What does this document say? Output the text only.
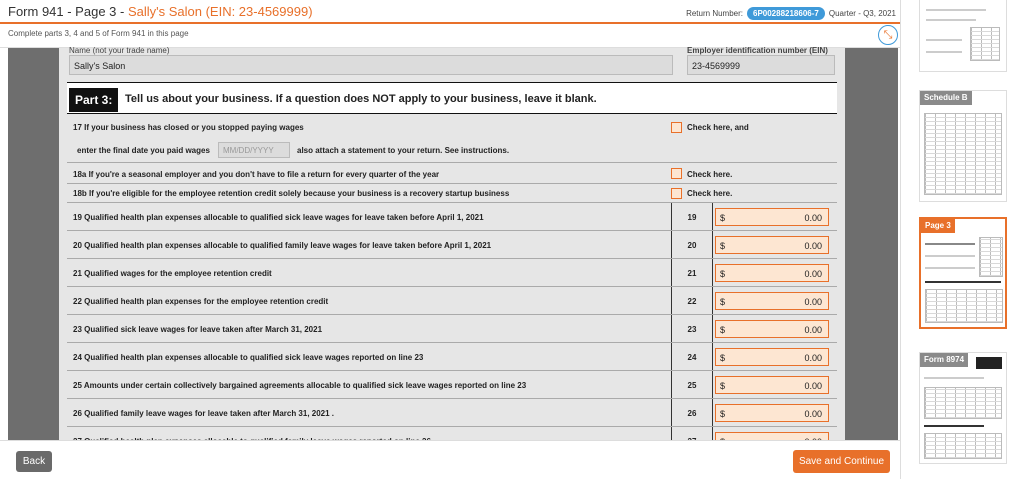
Form 941 - Page 3 - Sally's Salon (EIN: 23-4569999)	Return Number:	6P00288218606-7	Quarter - Q3, 2021
Complete parts 3, 4 and 5 of Form 941 in this page	⤡
Name (not your trade name)
Sally's Salon
Employer identification number (EIN)
23-4569999
Part 3:	Tell us about your business. If a question does NOT apply to your business, leave it blank.
17 If your business has closed or you stopped paying wages	Check here, and
enter the final date you paid wages	MM/DD/YYYY	also attach a statement to your return. See instructions.
18a If you're a seasonal employer and you don't have to file a return for every quarter of the year	Check here.
18b If you're eligible for the employee retention credit solely because your business is a recovery startup business	Check here.
19 Qualified health plan expenses allocable to qualified sick leave wages for leave taken before April 1, 2021	19	$	0.00
20 Qualified health plan expenses allocable to qualified family leave wages for leave taken before April 1, 2021	20	$	0.00
21 Qualified wages for the employee retention credit	21	$	0.00
22 Qualified health plan expenses for the employee retention credit	22	$	0.00
23 Qualified sick leave wages for leave taken after March 31, 2021	23	$	0.00
24 Qualified health plan expenses allocable to qualified sick leave wages reported on line 23	24	$	0.00
25 Amounts under certain collectively bargained agreements allocable to qualified sick leave wages reported on line 23	25	$	0.00
26 Qualified family leave wages for leave taken after March 31, 2021 .	26	$	0.00
Back	Save and Continue
Schedule B
Page 3
Form 8974
